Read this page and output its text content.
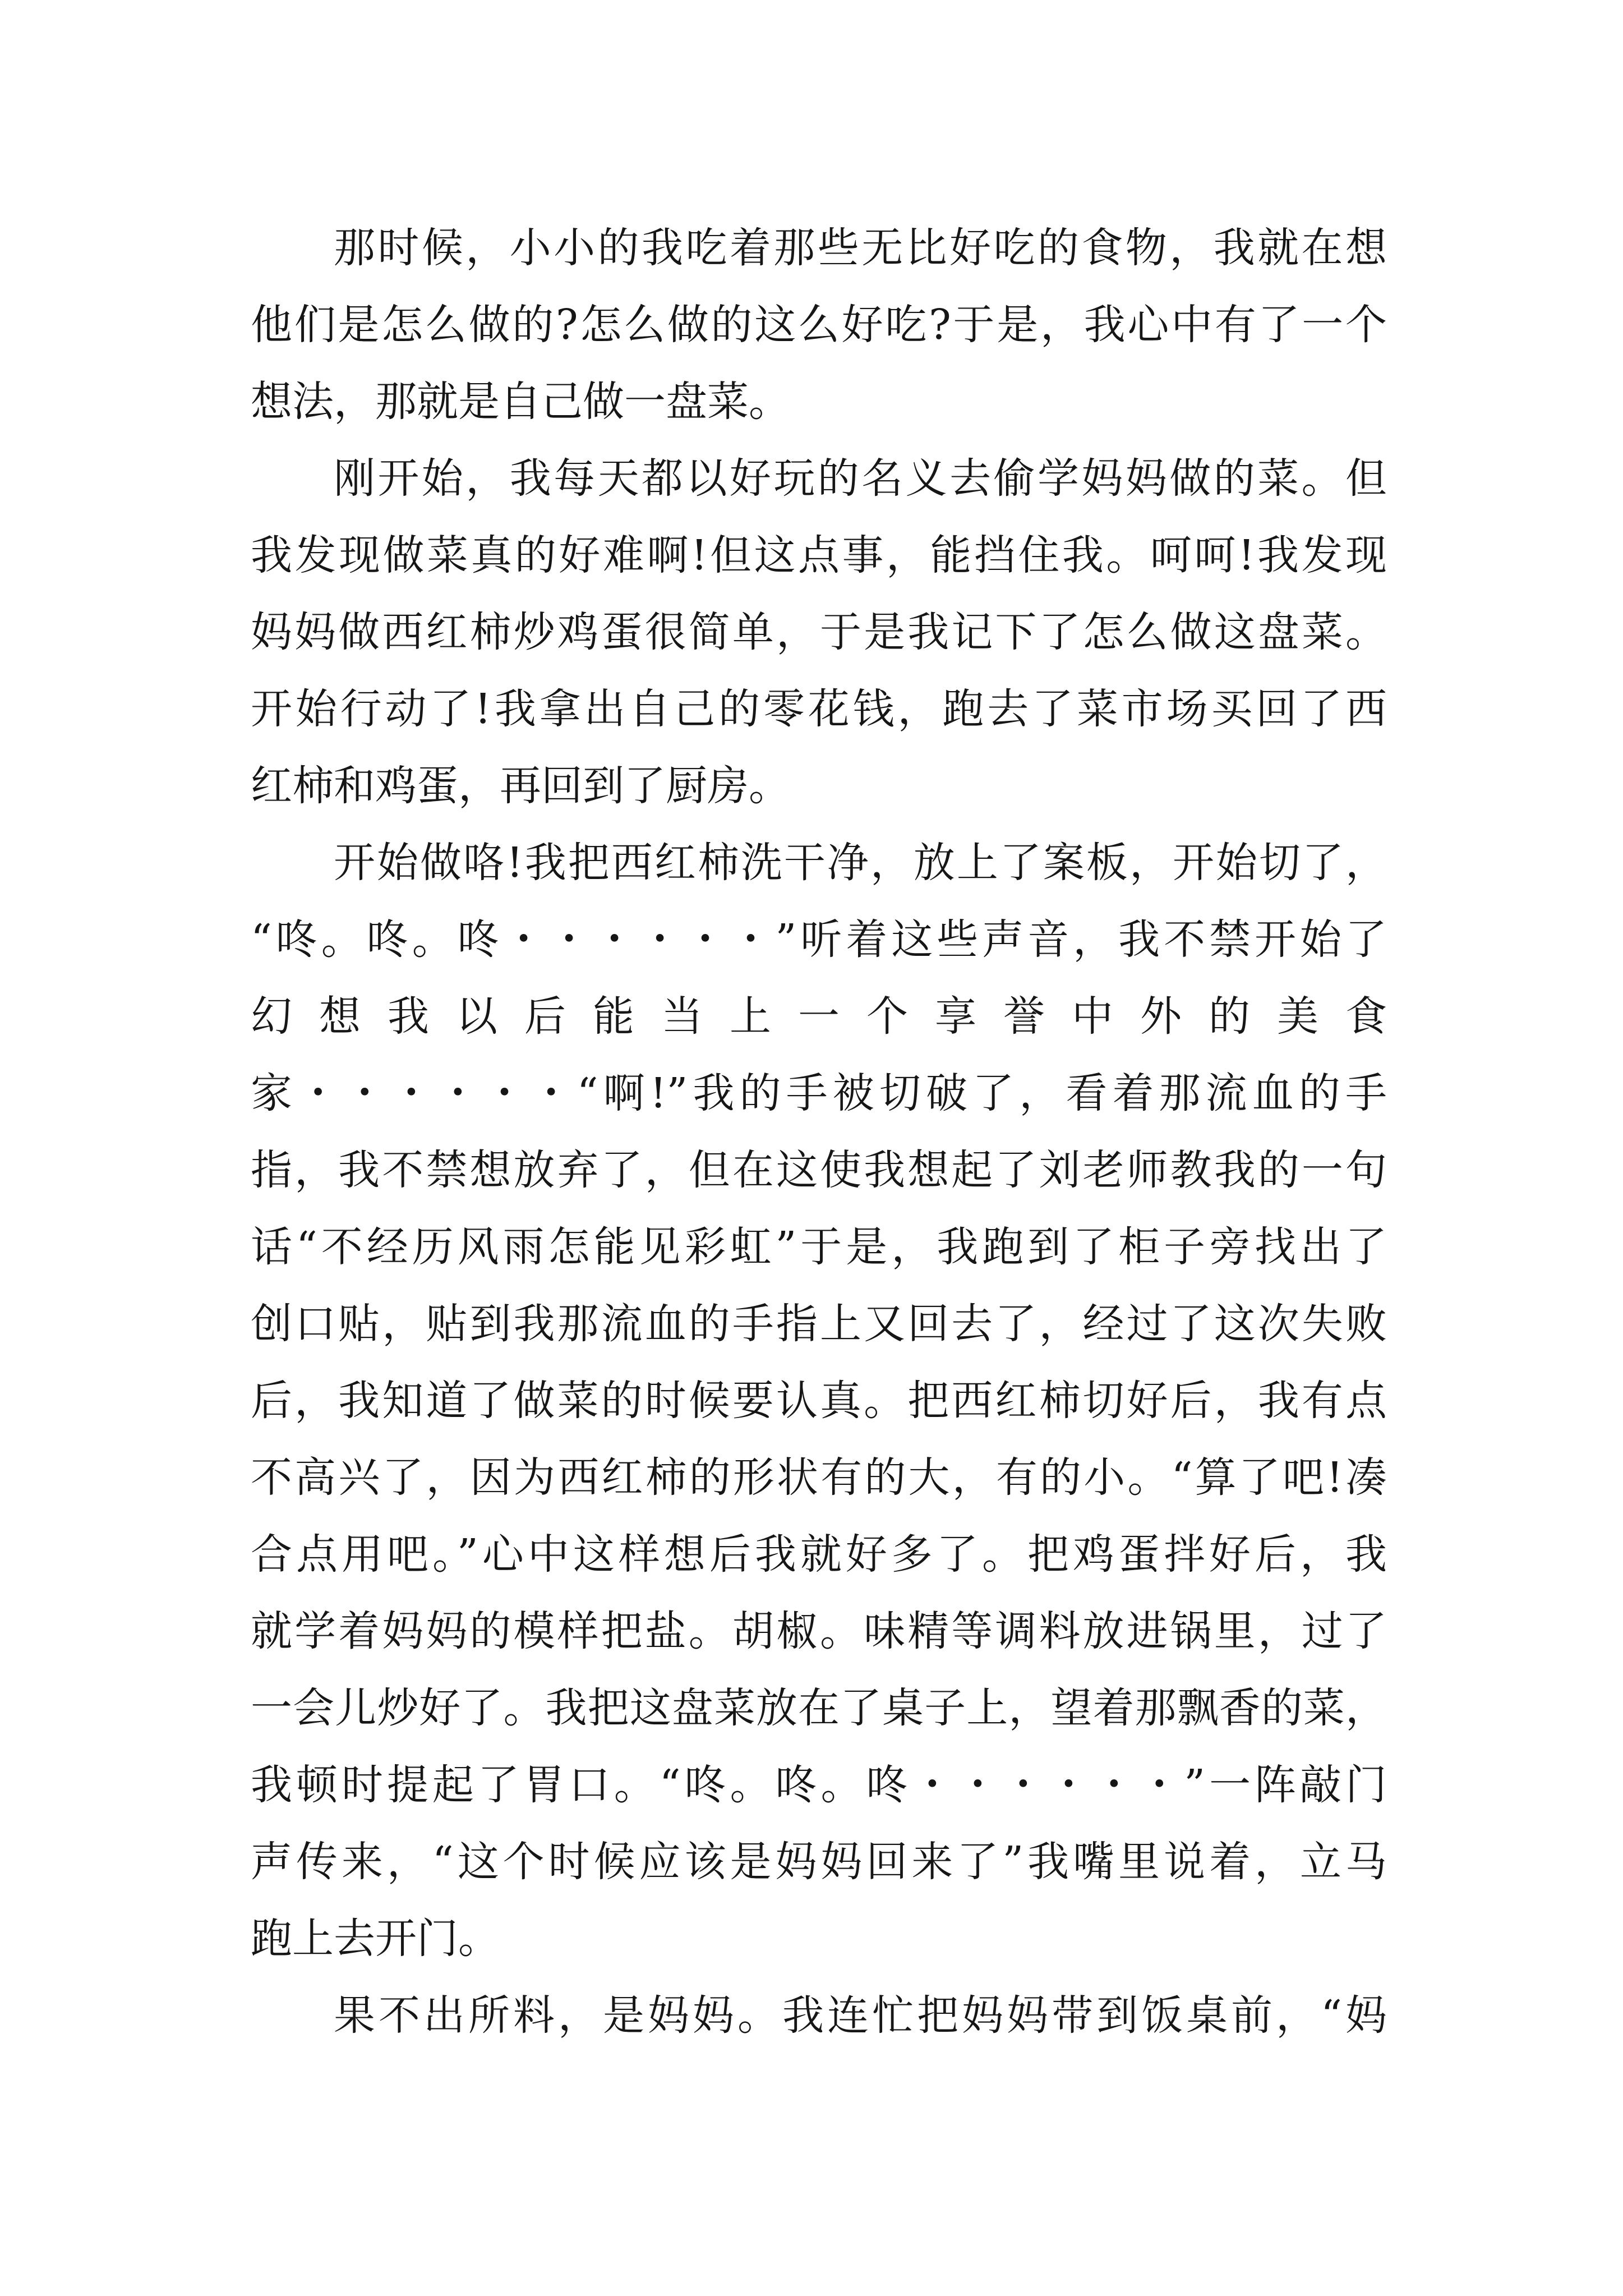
那时候，小小的我吃着那些无比好吃的食物，我就在想
他们是怎么做的?怎么做的这么好吃?于是，我心中有了一个
想法，那就是自己做一盘菜。
刚开始，我每天都以好玩的名义去偷学妈妈做的菜。但
我发现做菜真的好难啊!但这点事，能挡住我。呵呵!我发现
妈妈做西红柿炒鸡蛋很简单，于是我记下了怎么做这盘菜。
开始行动了!我拿出自己的零花钱，跑去了菜市场买回了西
红柿和鸡蛋，再回到了厨房。
开始做咯!我把西红柿洗干净，放上了案板，开始切了，
“咚。咚。咚・・・・・・”听着这些声音，我不禁开始了
幻想我以后能当上一个享誉中外的美食
家・・・・・・“啊!”我的手被切破了，看着那流血的手
指，我不禁想放弃了，但在这使我想起了刘老师教我的一句
话“不经历风雨怎能见彩虹”于是，我跑到了柜子旁找出了
创口贴，贴到我那流血的手指上又回去了，经过了这次失败
后，我知道了做菜的时候要认真。把西红柿切好后，我有点
不高兴了，因为西红柿的形状有的大，有的小。“算了吧!凑
合点用吧。”心中这样想后我就好多了。把鸡蛋拌好后，我
就学着妈妈的模样把盐。胡椒。味精等调料放进锅里，过了
一会儿炒好了。我把这盘菜放在了桌子上，望着那飘香的菜，
我顿时提起了胃口。“咚。咚。咚・・・・・・”一阵敲门
声传来，“这个时候应该是妈妈回来了”我嘴里说着，立马
跑上去开门。
果不出所料，是妈妈。我连忙把妈妈带到饭桌前，“妈
